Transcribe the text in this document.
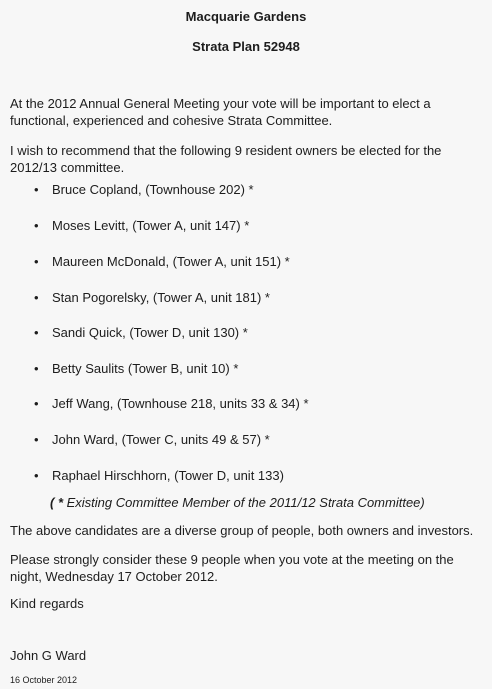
Macquarie Gardens
Strata Plan 52948
At the 2012 Annual General Meeting your vote will be important to elect a functional, experienced and cohesive Strata Committee.
I wish to recommend that the following 9 resident owners be elected for the 2012/13 committee.
• Bruce Copland, (Townhouse 202) *
• Moses Levitt, (Tower A, unit 147) *
• Maureen McDonald, (Tower A, unit 151) *
• Stan Pogorelsky, (Tower A, unit 181) *
• Sandi Quick, (Tower D, unit 130) *
• Betty Saulits (Tower B, unit 10) *
• Jeff Wang, (Townhouse 218, units 33 & 34) *
• John Ward, (Tower C, units 49 & 57) *
• Raphael Hirschhorn, (Tower D, unit 133)
( * Existing Committee Member of the 2011/12 Strata Committee)
The above candidates are a diverse group of people, both owners and investors.
Please strongly consider these 9 people when you vote at the meeting on the night, Wednesday 17 October 2012.
Kind regards
John G Ward
16 October 2012
